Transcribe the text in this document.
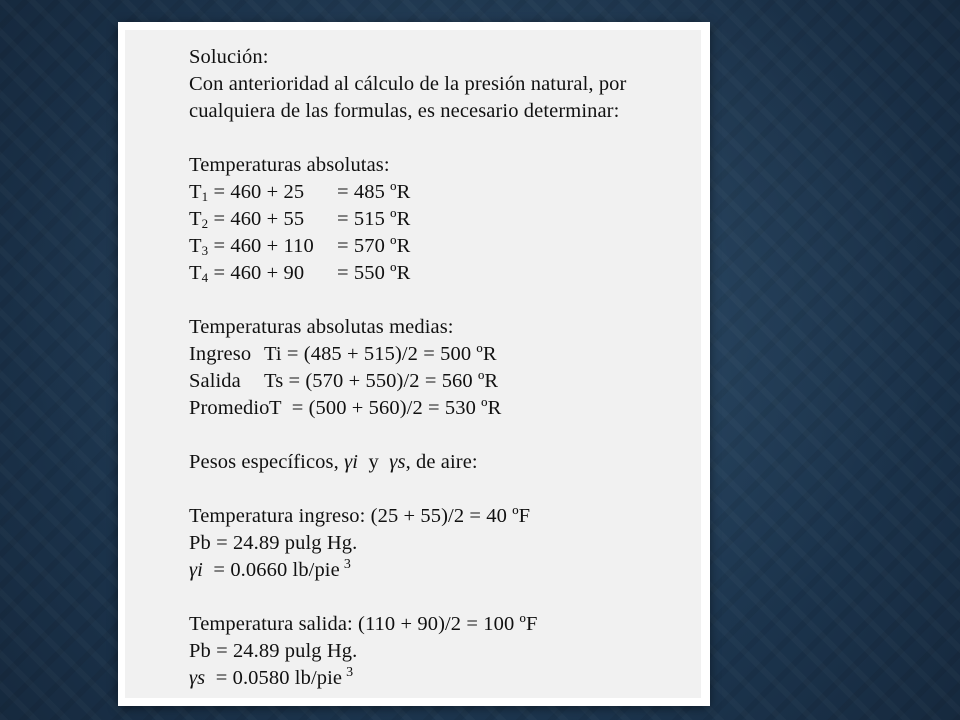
Solución:
Con anterioridad al cálculo de la presión natural, por
cualquiera de las formulas, es necesario determinar:
Temperaturas absolutas:
$T_1 = 460 + 25 = 485$ ºR
$T_2 = 460 + 55 = 515$ ºR
$T_3 = 460 + 110 = 570$ ºR
$T_4 = 460 + 90 = 550$ ºR
Temperaturas absolutas medias:
Ingreso Ti = (485 + 515)/2 = 500 ºR
Salida Ts = (570 + 550)/2 = 560 ºR
PromedioT  = (500 + 560)/2 = 530 ºR
Pesos específicos, γi  y  γs, de aire:
Temperatura ingreso: (25 + 55)/2 = 40 ºF
Pb = 24.89 pulg Hg.
γi  = 0.0660 lb/pie $^3$
Temperatura salida: (110 + 90)/2 = 100 ºF
Pb = 24.89 pulg Hg.
γs  = 0.0580 lb/pie $^3$
